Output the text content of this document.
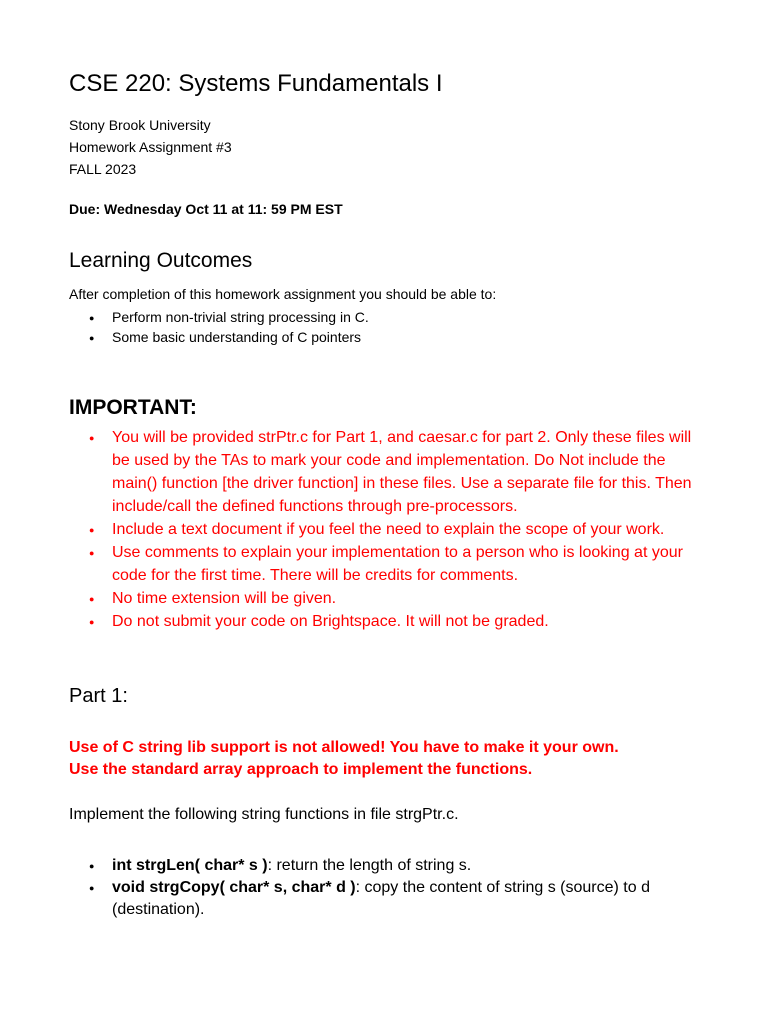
CSE 220: Systems Fundamentals I
Stony Brook University
Homework Assignment #3
FALL 2023
Due: Wednesday Oct 11 at 11: 59 PM EST
Learning Outcomes
After completion of this homework assignment you should be able to:
● Perform non-trivial string processing in C.
● Some basic understanding of C pointers
IMPORTANT:
● You will be provided strPtr.c for Part 1, and caesar.c for part 2. Only these files will be used by the TAs to mark your code and implementation. Do Not include the main() function [the driver function] in these files. Use a separate file for this. Then include/call the defined functions through pre-processors.
● Include a text document if you feel the need to explain the scope of your work.
● Use comments to explain your implementation to a person who is looking at your code for the first time. There will be credits for comments.
● No time extension will be given.
● Do not submit your code on Brightspace. It will not be graded.
Part 1:
Use of C string lib support is not allowed! You have to make it your own.
Use the standard array approach to implement the functions.
Implement the following string functions in file strgPtr.c.
● int strgLen( char* s ): return the length of string s.
● void strgCopy( char* s, char* d ): copy the content of string s (source) to d (destination).
